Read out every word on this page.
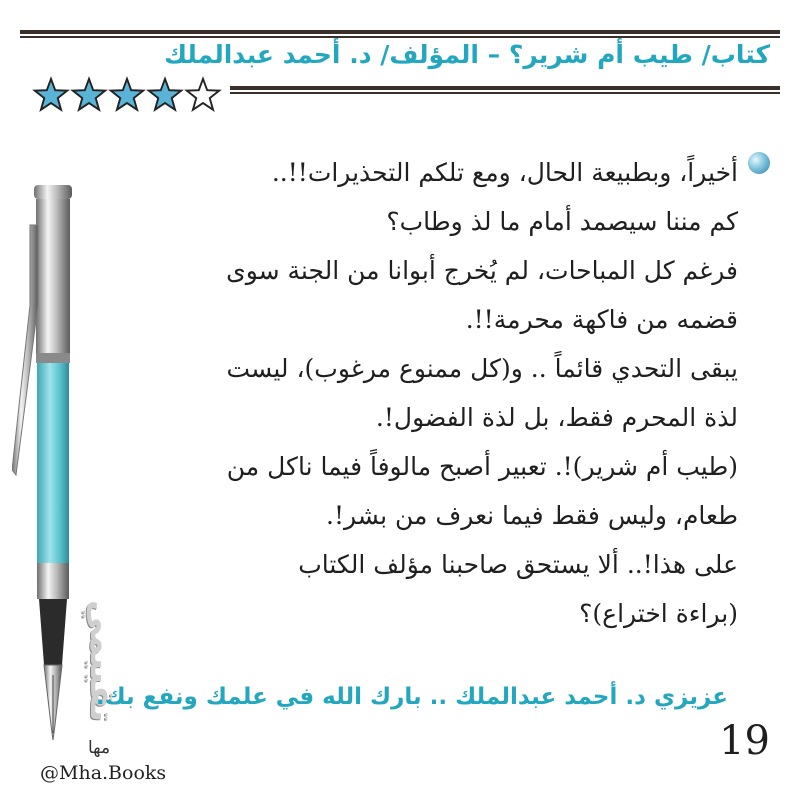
كتاب/ طيب أم شرير؟ – المؤلف/ د. أحمد عبدالملك
تقييمي
أخيراً، وبطبيعة الحال، ومع تلكم التحذيرات!!..
كم مننا سيصمد أمام ما لذ وطاب؟
فرغم كل المباحات، لم يُخرج أبوانا من الجنة سوى
قضمه من فاكهة محرمة!!.
يبقى التحدي قائماً .. و(كل ممنوع مرغوب)، ليست
لذة المحرم فقط، بل لذة الفضول!.
(طيب أم شرير)!. تعبير أصبح مالوفاً فيما ناكل من
طعام، وليس فقط فيما نعرف من بشر!.
على هذا!.. ألا يستحق صاحبنا مؤلف الكتاب
(براءة اختراع)؟
عزيزي د. أحمد عبدالملك .. بارك الله في علمك ونفع بك.
19
مها
@Mha.Books
